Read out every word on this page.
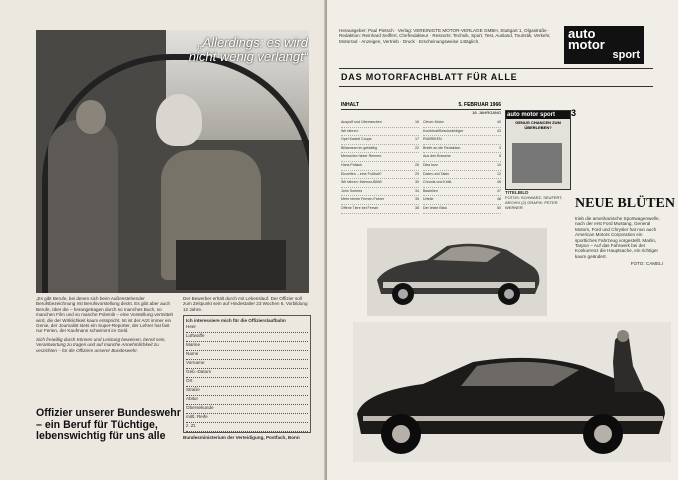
„Allerdings: es wird nicht wenig verlangt“
„Es gibt Berufe, bei denen sich beim Außenstehender Berufsbezeichnung mit Berufsvorstellung deckt. Es gibt aber auch Berufe, über die – herangetragen durch so manches Buch, so manchen Film und so manche Polemik – eine Vorstellung vermittelt wird, die der Wirklichkeit kaum entspricht. Ist ist der Arzt immer ein Genie, der Journalist stets ein Super-Reporter, der Lehrer hat fast nur Ferien, der Kaufmann schwimmt im Geld.
Sich freiwillig durch Können und Leistung beweisen, bereit sein, Verantwortung zu tragen und auf manche Annehmlichkeit zu verzichten – für die Offiziere unserer Bundeswehr.
Der Bewerber erhält durch mit Lebenslauf. Der Offizier soll zum Zeitpunkt sein auf Hindestalter 23 Wochen 6, Vorbildung 12 Jahre.
Ich interessiere mich für die Offizierslaufbahn
Heer
Luftwaffe
Marine
Name
Vorname
Geb.-Datum
Ort
Straße
Abitur
Obersekunde
mittl. Reife
z. Zt.
Bundesministerium der Verteidigung, Postfach, Bonn
Offizier unserer Bundeswehr – ein Beruf für Tüchtige, lebenswichtig für uns alle
Herausgeber: Paul Pietsch · Verlag: VEREINIGTE MOTOR-VERLAGE GMBH, Stuttgart 1, Olgastraße · Redaktion: Reinhard Seiffert, Chefredakteur · Ressorts: Technik, Sport, Test, Ausland, Touristik, Verkehr, Motorrad · Anzeigen, Vertrieb · Druck · Erscheinungsweise 14täglich.
auto
motor
sport
DAS MOTORFACHBLATT FÜR ALLE
INHALT	5. FEBRUAR 1966
18. JAHRGANG
Auspuff und Überraschen	16
Wir fahren:
Opel Kadett Coupe	17
Billiamean im geblättig	22
Menschen hinter Rennen:
Hans Pollack	26
Einzelfen – eine Fußball?	29
Wir fahren: Marmor-BMW	30
John Surtees	34
Mehr reiche Fernen-Fahrer	35
Offene Tiere bei Ferrari	38
Clever-Motor	40
Kombinat/Beschwichtiger	43
RUBRIKEN
Briefe an die Redaktion	3
Aus den Branche	5
Dies kurz	10
Daten und Taten	12
Chronik und Kritik	45
Basteilen	47
Urteile	48
Der letzte Blick	50
3
auto motor sport
GENUG CHANCEN ZUM ÜBERLEBEN?
TITELBILD
FOTOS: SCHWARZ, SEUFERT, ARCHIV (2) GRAFIK: PETER WERNER	NEUE BLÜTEN
trieb die amerikanische Sportwagenwelle, nach der erst Ford Mustang, General Motors, Ford und Chrysler hat nun auch American Motors Corporation ein sportliches Fahrzeug vorgestellt. Marlin, Tarpon – Auf das Fahrwerk bei der Konkurrenz die Hauptsache, ein richtiger kaum geändert.
FOTO: CAMELI
